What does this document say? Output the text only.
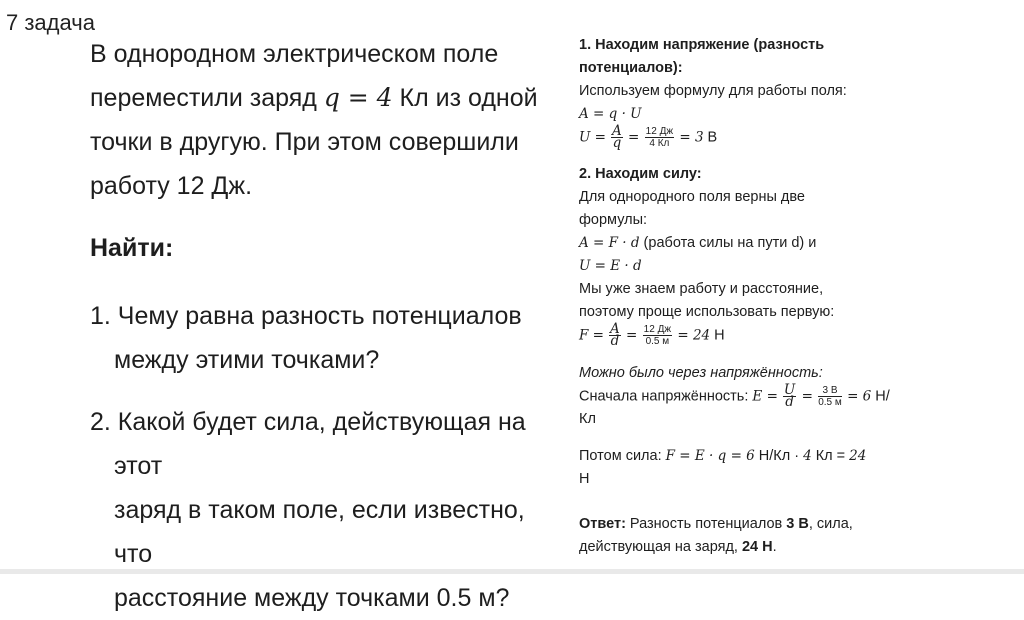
7 задача

В однородном электрическом поле

переместили заряд q = 4 Кл из одной

точки в другую. При этом совершили

работу 12 Дж.

Найти:

1. Чему равна разность потенциалов
между этими точками?

2. Какой будет сила, действующая на этот
заряд в таком поле, если известно, что
расстояние между точками 0.5 м?

1. Находим напряжение (разность

потенциалов):

Используем формулу для работы поля:

A = q · U

$U = \frac{A}{q} = \frac{12 Дж}{4 Кл} = 3$ В

2. Находим силу:

Для однородного поля верны две

формулы:

A = F · d (работа силы на пути d) и

U = E · d

Мы уже знаем работу и расстояние,

поэтому проще использовать первую:

$F = \frac{A}{d} = \frac{12 Дж}{0.5 м} = 24$ Н

Можно было через напряжённость:

Сначала напряжённость: $E = \frac{U}{d} = \frac{3 В}{0.5 м} = 6$ Н/

Кл

Потом сила: F = E · q = 6 Н/Кл · 4 Кл = 24

Н

Ответ: Разность потенциалов 3 В, сила,

действующая на заряд, 24 Н.
